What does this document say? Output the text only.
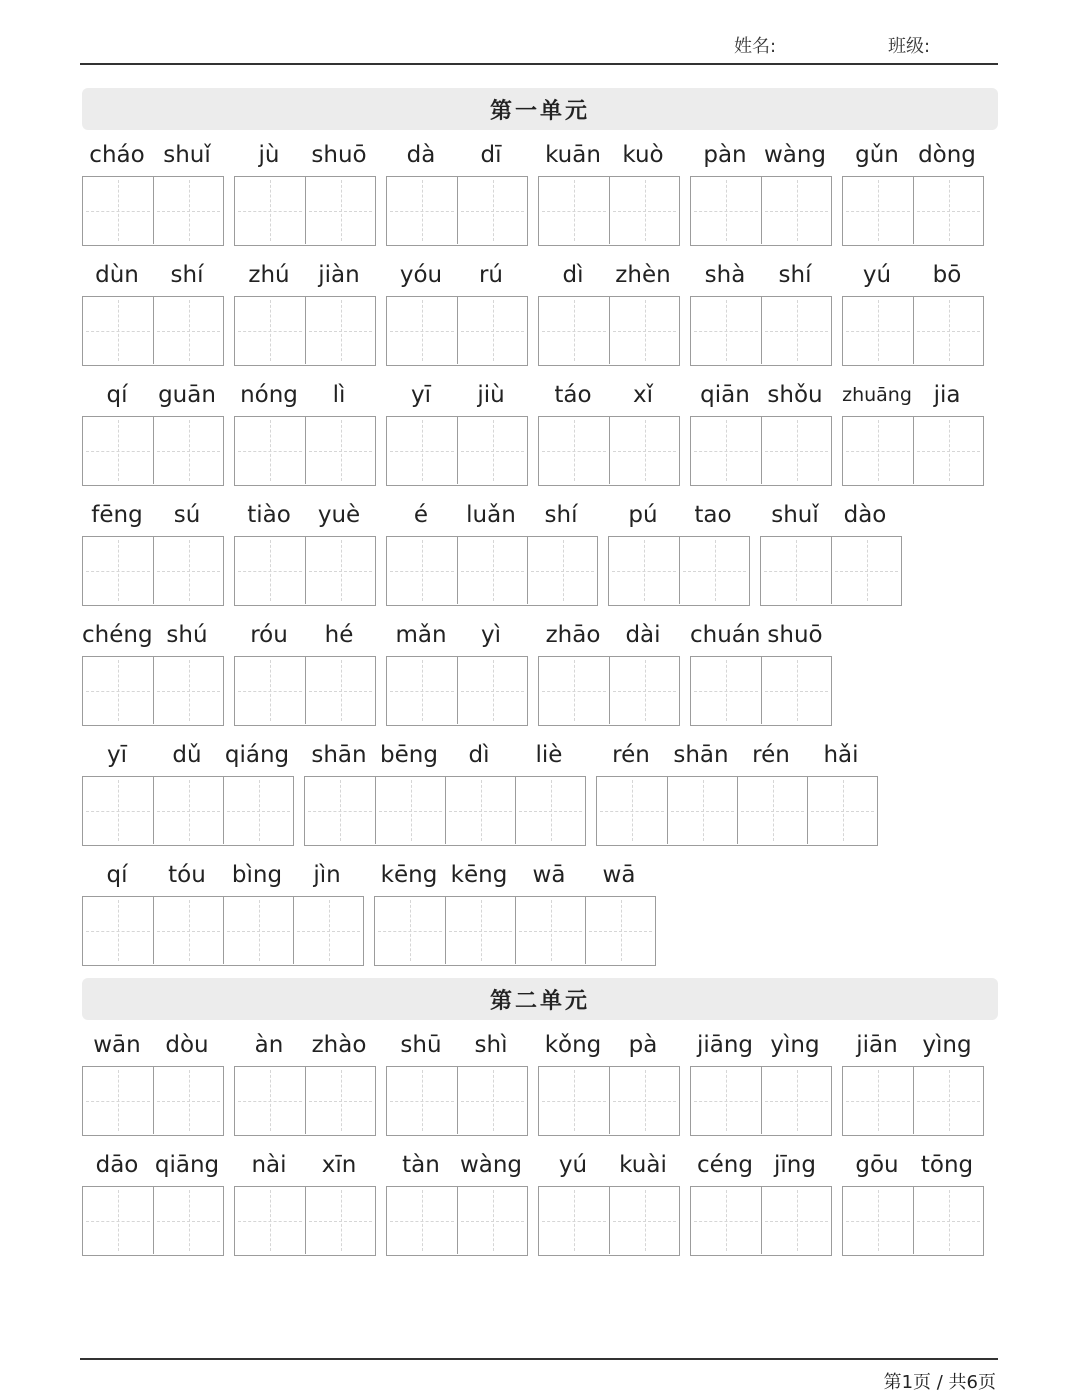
姓名:	班级:
第一单元
cháo shuǐ	jù	shuō	dà	dī	kuān kuò	pàn wàng	gǔn dòng
dùn	shí	zhú	jiàn	yóu	rú	dì	zhèn	shà	shí	yú	bō
qí	guān nóng	lì	yī	jiù	táo	xǐ	qiān shǒu	zhuāng jia
fēng	sú	tiào	yuè	é	luǎn	shí	pú	tao	shuǐ	dào
chéng shú	róu	hé	mǎn	yì	zhāo	dài	chuán shuō
yī	dǔ	qiáng shān bēng	dì	liè	rén	shān	rén	hǎi
qí	tóu	bìng	jìn	kēng kēng	wā	wā
第二单元
wān	dòu	àn	zhào	shū	shì	kǒng	pà	jiāng yìng	jiān	yìng
dāo qiāng	nài	xīn	tàn wàng	yú	kuài	céng jīng	gōu tōng
第1页 / 共6页
